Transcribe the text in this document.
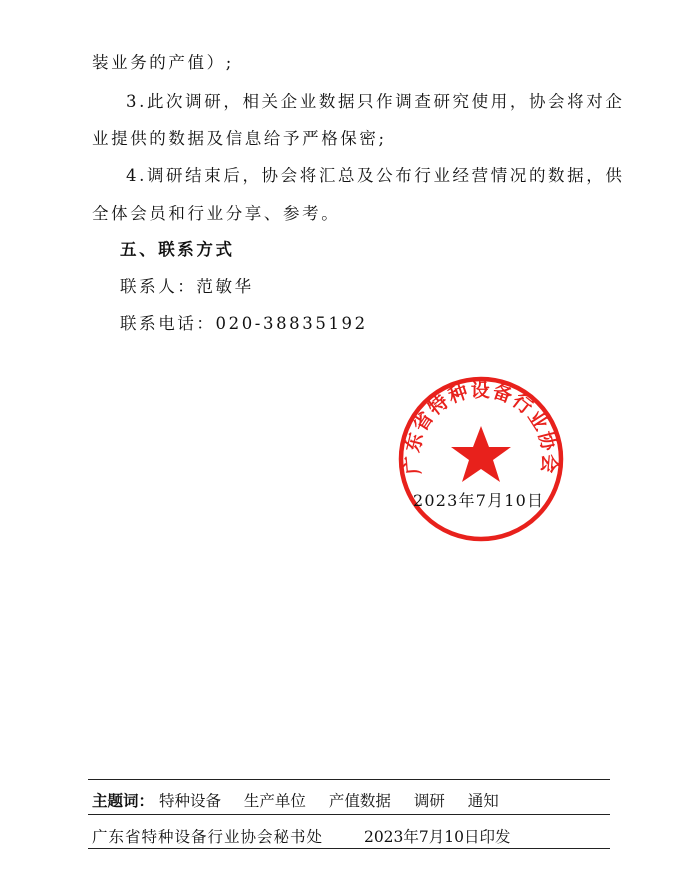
装业务的产值）;
3.此次调研，相关企业数据只作调查研究使用，协会将对企
业提供的数据及信息给予严格保密;
4.调研结束后，协会将汇总及公布行业经营情况的数据，供
全体会员和行业分享、参考。
五、联系方式
联系人：范敏华
联系电话：020-38835192
广东省特种设备行业协会
2023年7月10日
主题词： 特种设备 生产单位 产值数据 调研 通知
广东省特种设备行业协会秘书处	2023年7月10日印发
